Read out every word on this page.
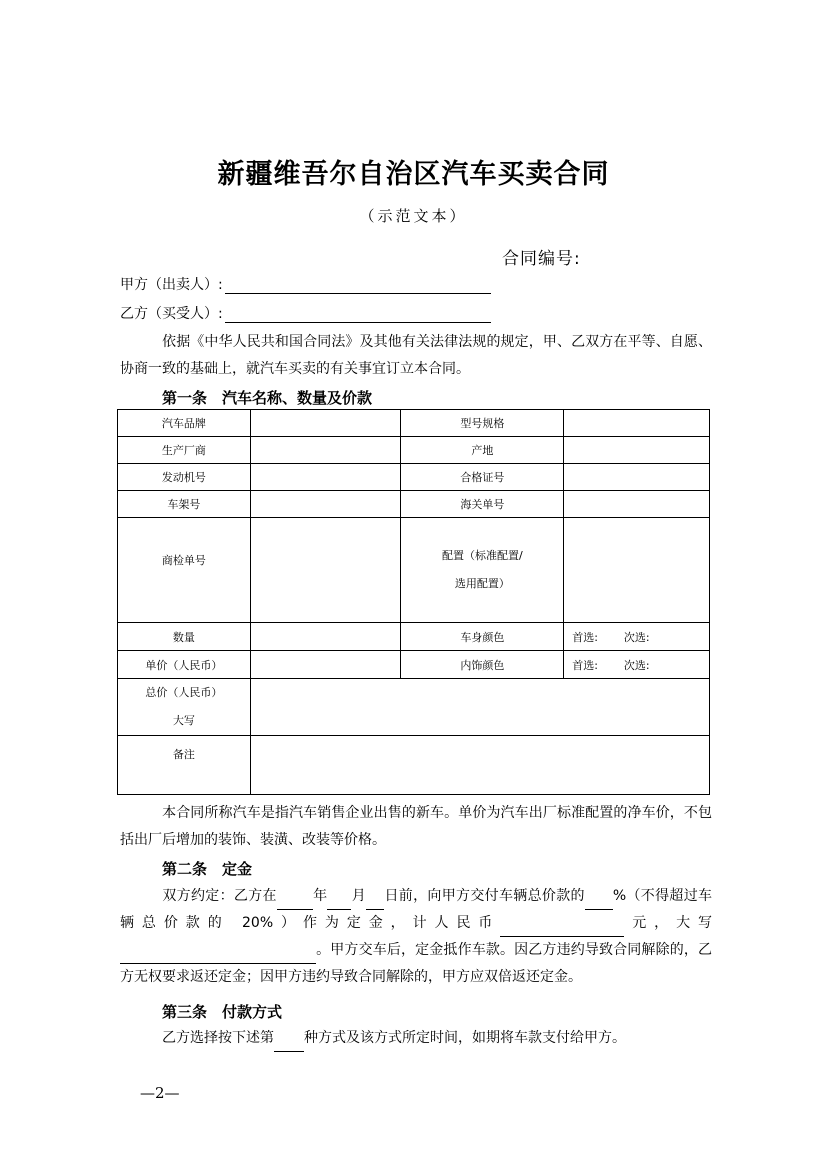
新疆维吾尔自治区汽车买卖合同
（示范文本）
合同编号:
甲方（出卖人）:
乙方（买受人）:
依据《中华人民共和国合同法》及其他有关法律法规的规定，甲、乙双方在平等、自愿、协商一致的基础上，就汽车买卖的有关事宜订立本合同。
第一条　汽车名称、数量及价款
汽车品牌		型号规格	
生产厂商		产地	
发动机号		合格证号	
车架号		海关单号	
商检单号		配置（标准配置/
选用配置）	

数量		车身颜色	首选: 次选:
单价（人民币）		内饰颜色	首选: 次选:

总价（人民币）
大写			

备注			
本合同所称汽车是指汽车销售企业出售的新车。单价为汽车出厂标准配置的净车价，不包括出厂后增加的装饰、装潢、改装等价格。
第二条　定金
双方约定：乙方在	年 月 日前，向甲方交付车辆总价款的 %（不得超过车辆总价款的 20%）作为定金，计人民币	元，大写。甲方交车后，定金抵作车款。因乙方违约导致合同解除的，乙方无权要求返还定金；因甲方违约导致合同解除的，甲方应双倍返还定金。
第三条　付款方式
乙方选择按下述第 种方式及该方式所定时间，如期将车款支付给甲方。
—2—
